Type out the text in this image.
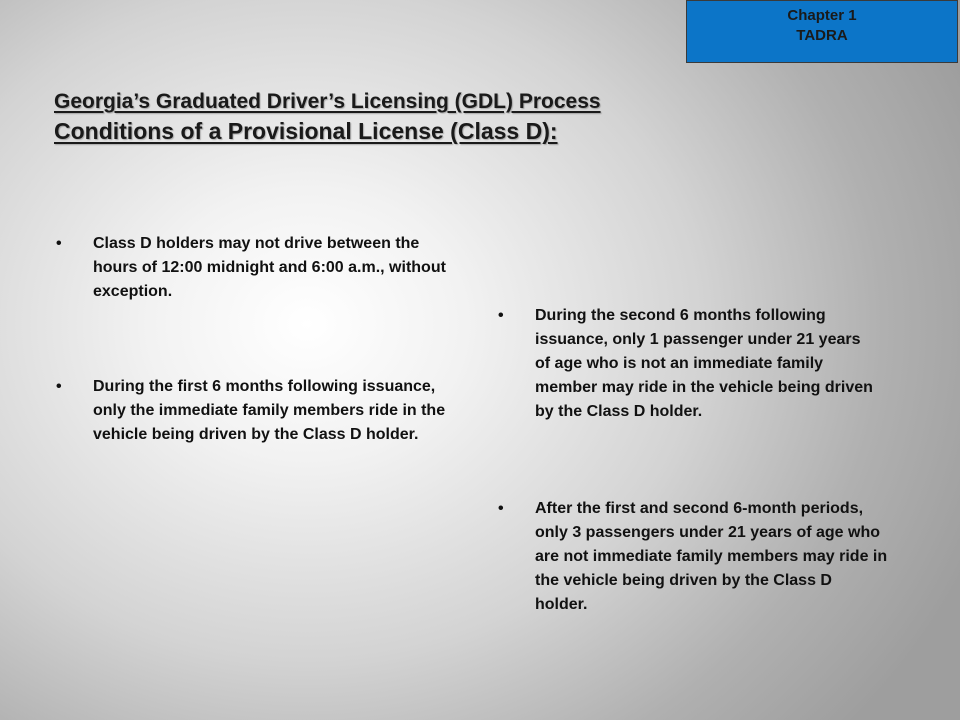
Chapter 1
TADRA
Georgia’s Graduated Driver’s Licensing (GDL) Process
Conditions of a Provisional License (Class D):
• Class D holders may not drive between the hours of 12:00 midnight and 6:00 a.m., without exception.
• During the first 6 months following issuance, only the immediate family members ride in the vehicle being driven by the Class D holder.
• During the second 6 months following issuance, only 1 passenger under 21 years of age who is not an immediate family member may ride in the vehicle being driven by the Class D holder.
• After the first and second 6-month periods, only 3 passengers under 21 years of age who are not immediate family members may ride in the vehicle being driven by the Class D holder.
